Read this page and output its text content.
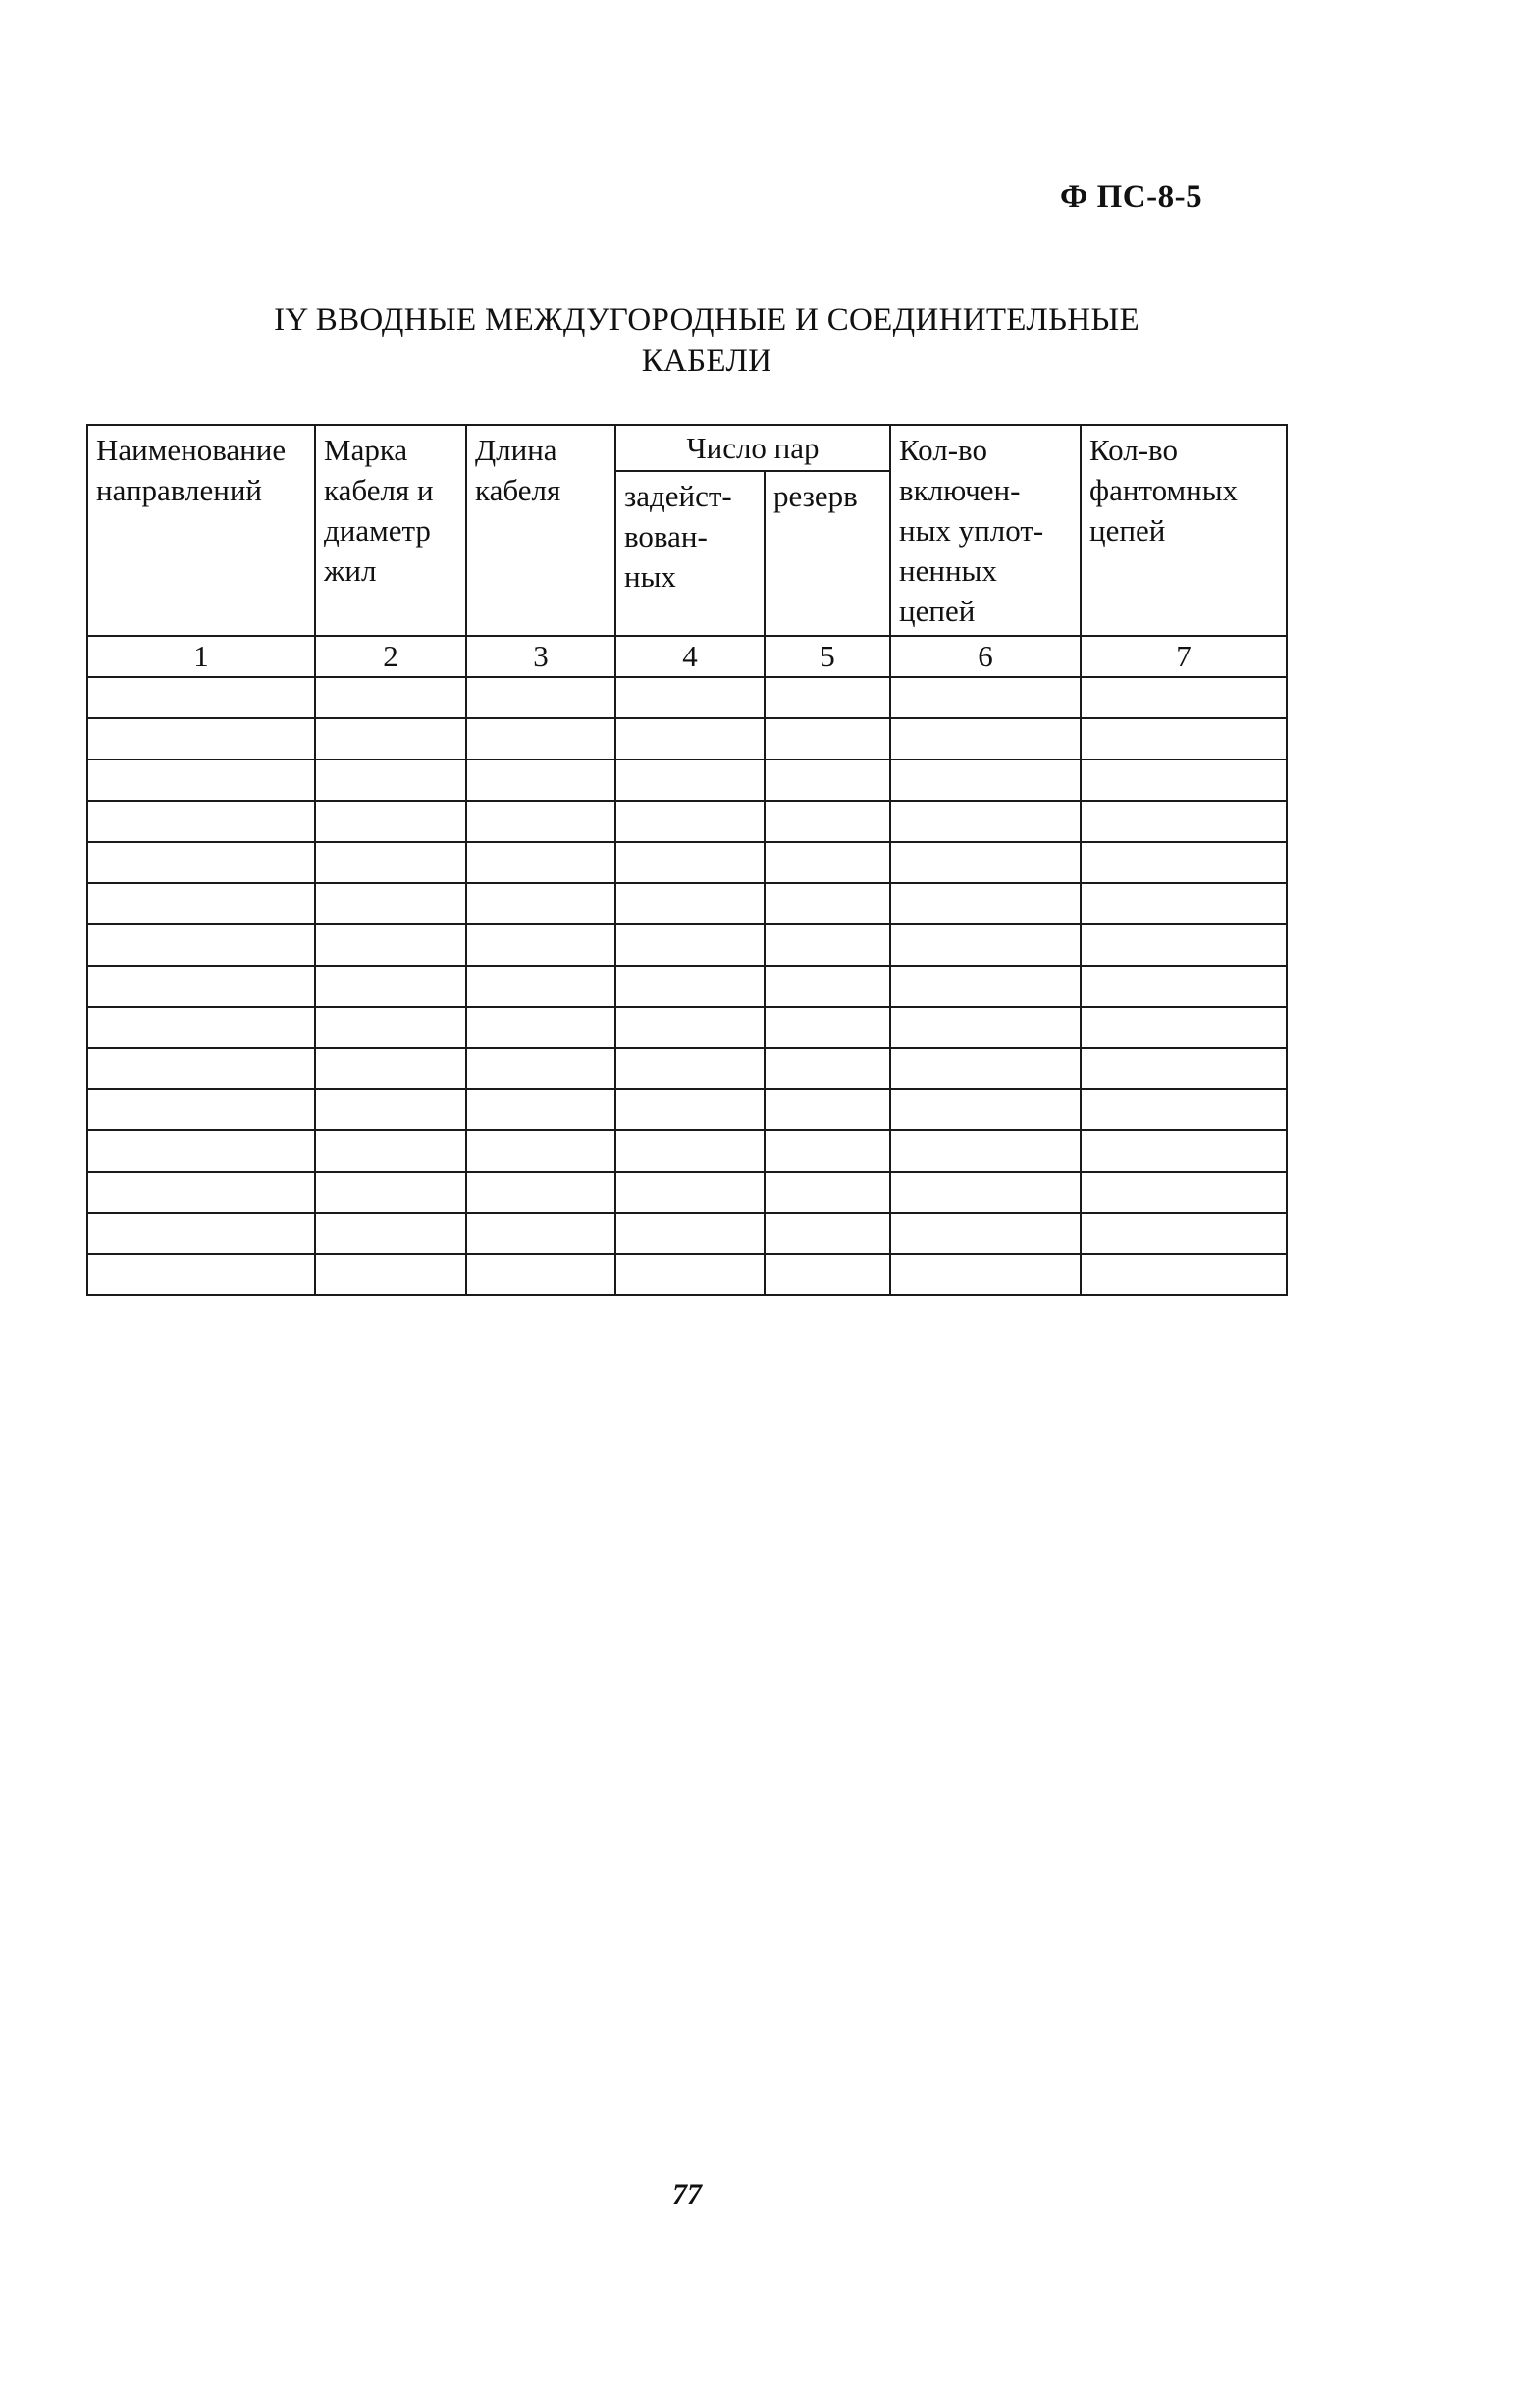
Ф ПС-8-5
IY ВВОДНЫЕ МЕЖДУГОРОДНЫЕ И СОЕДИНИТЕЛЬНЫЕ
КАБЕЛИ
Наименование направлений	Марка кабеля и диаметр жил	Длина кабеля	Число пар		Кол-во включен-ных уплот-ненных цепей	Кол-во фантомных цепей
			задейст-вован-ных	резерв		
1	2	3	4	5	6	7

77
